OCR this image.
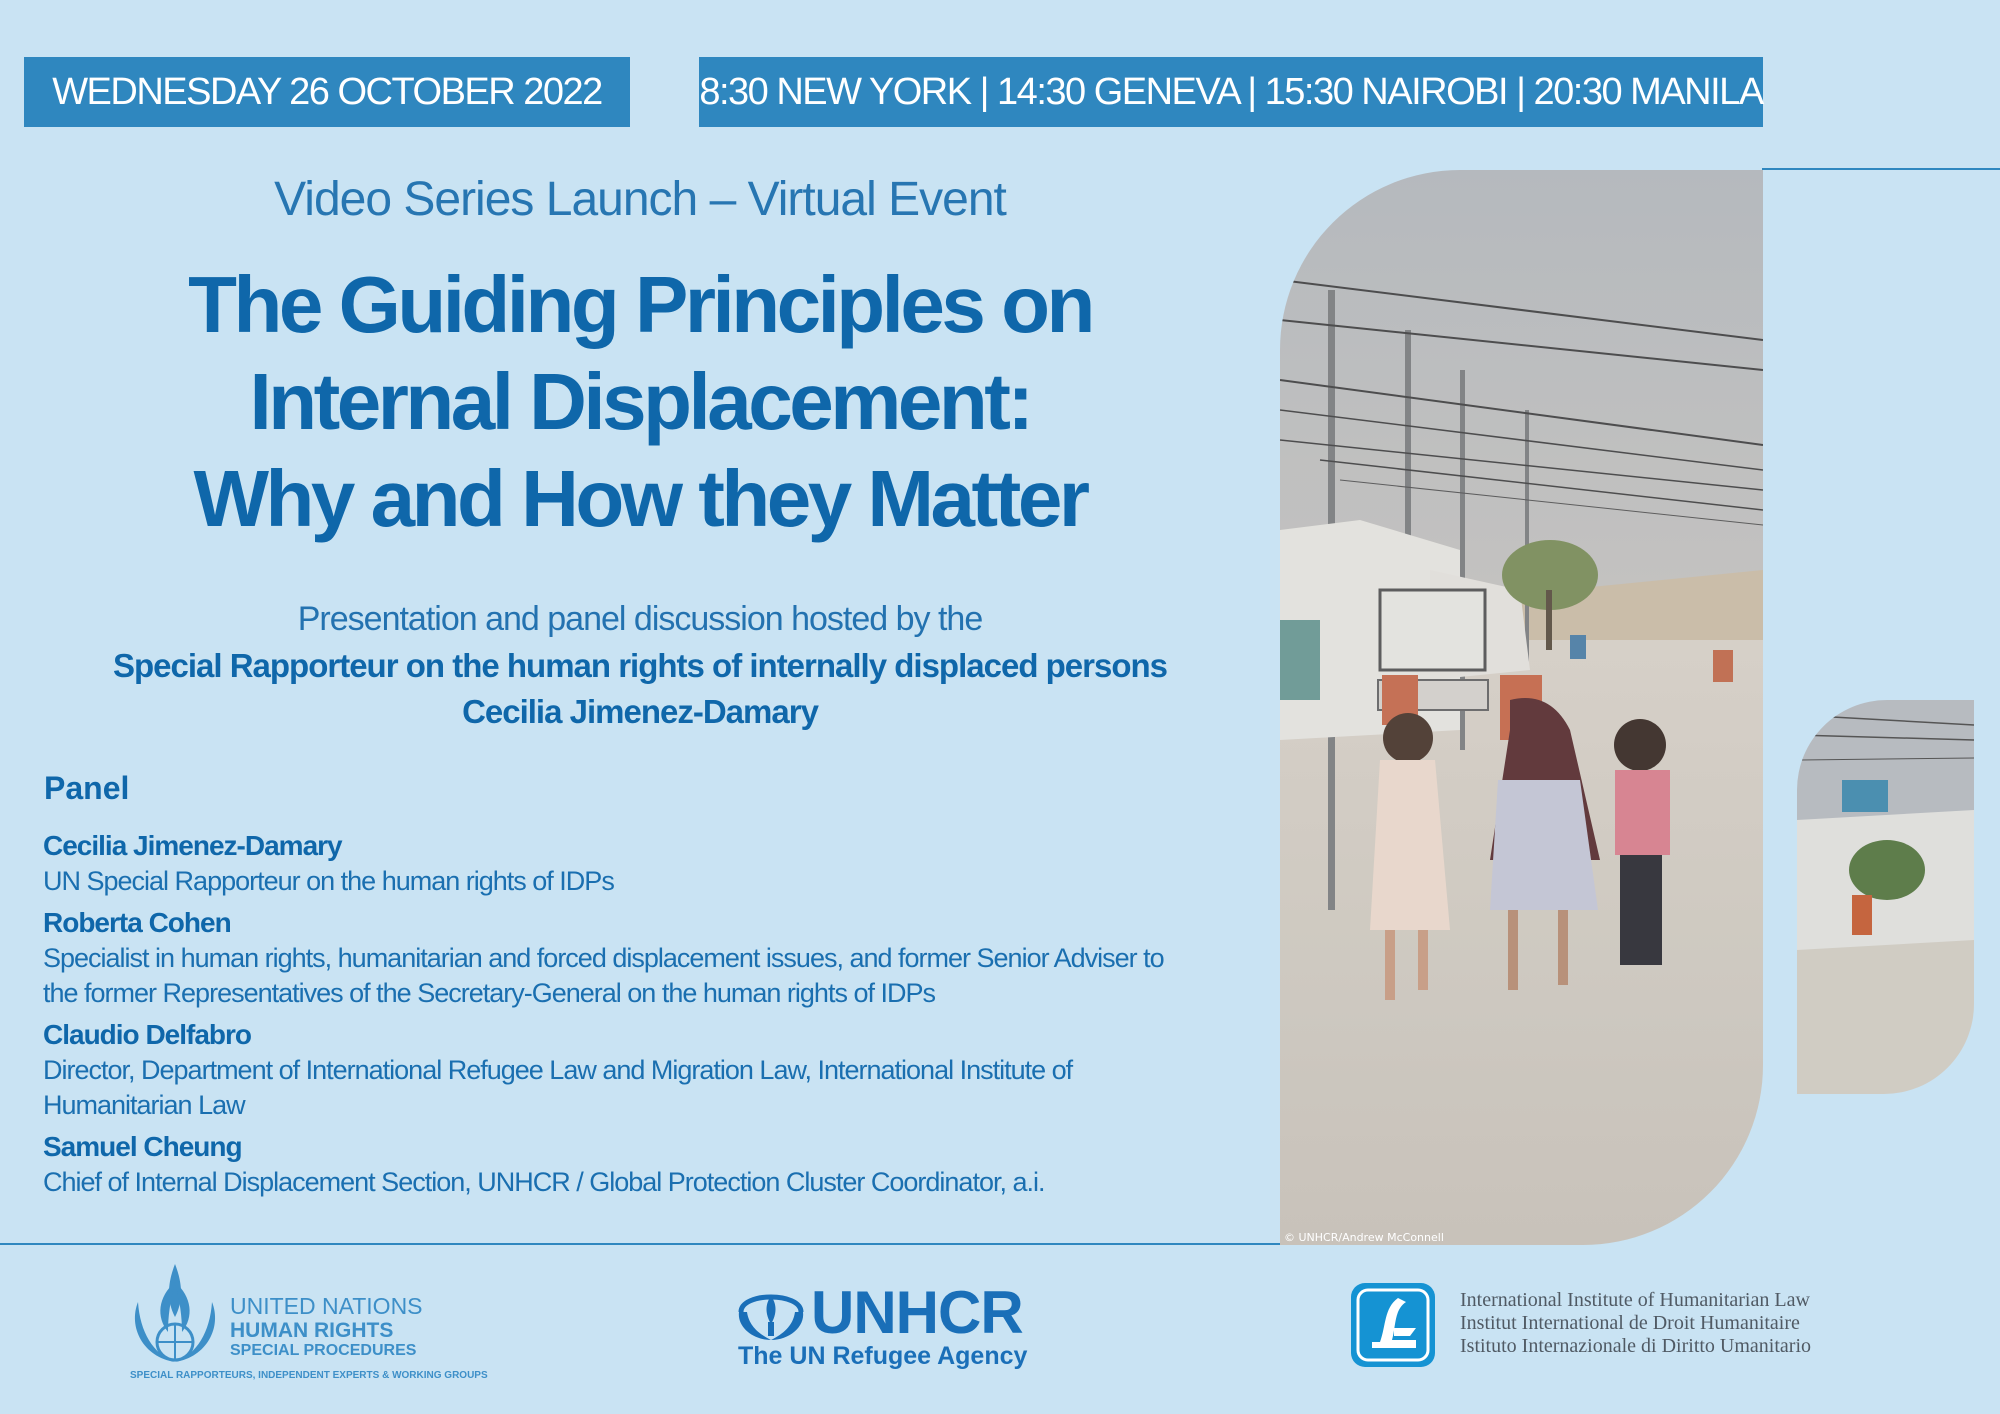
WEDNESDAY 26 OCTOBER 2022	8:30 NEW YORK | 14:30 GENEVA | 15:30 NAIROBI | 20:30 MANILA
Video Series Launch – Virtual Event
The Guiding Principles on
Internal Displacement:
Why and How they Matter
Presentation and panel discussion hosted by the
Special Rapporteur on the human rights of internally displaced persons
Cecilia Jimenez-Damary
Panel
Cecilia Jimenez-Damary
UN Special Rapporteur on the human rights of IDPs
Roberta Cohen
Specialist in human rights, humanitarian and forced displacement issues, and former Senior Adviser to
the former Representatives of the Secretary-General on the human rights of IDPs
Claudio Delfabro
Director, Department of International Refugee Law and Migration Law, International Institute of
Humanitarian Law
Samuel Cheung
Chief of Internal Displacement Section, UNHCR / Global Protection Cluster Coordinator, a.i.
© UNHCR/Andrew McConnell
UNITED NATIONS
HUMAN RIGHTS
SPECIAL PROCEDURES
SPECIAL RAPPORTEURS, INDEPENDENT EXPERTS & WORKING GROUPS
UNHCR
The UN Refugee Agency
International Institute of Humanitarian Law
Institut International de Droit Humanitaire
Istituto Internazionale di Diritto Umanitario
